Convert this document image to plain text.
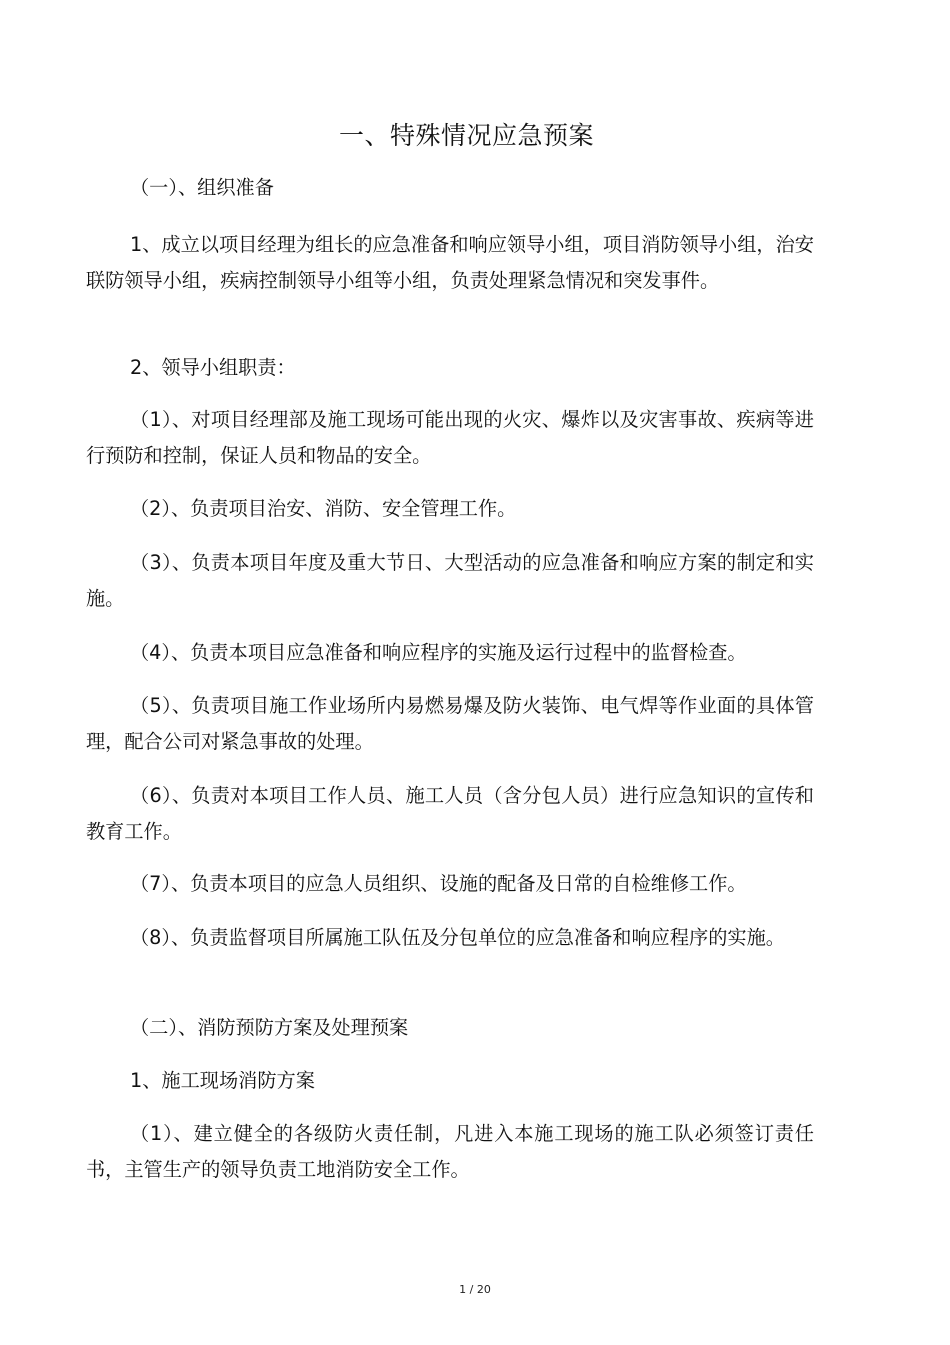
一、特殊情况应急预案

（一）、组织准备

1、成立以项目经理为组长的应急准备和响应领导小组，项目消防领导小组，治安联防领导小组，疾病控制领导小组等小组，负责处理紧急情况和突发事件。

2、领导小组职责：

（1）、对项目经理部及施工现场可能出现的火灾、爆炸以及灾害事故、疾病等进行预防和控制，保证人员和物品的安全。

（2）、负责项目治安、消防、安全管理工作。

（3）、负责本项目年度及重大节日、大型活动的应急准备和响应方案的制定和实施。

（4）、负责本项目应急准备和响应程序的实施及运行过程中的监督检查。

（5）、负责项目施工作业场所内易燃易爆及防火装饰、电气焊等作业面的具体管理，配合公司对紧急事故的处理。

（6）、负责对本项目工作人员、施工人员（含分包人员）进行应急知识的宣传和教育工作。

（7）、负责本项目的应急人员组织、设施的配备及日常的自检维修工作。

（8）、负责监督项目所属施工队伍及分包单位的应急准备和响应程序的实施。

（二）、消防预防方案及处理预案

1、施工现场消防方案

（1）、建立健全的各级防火责任制，凡进入本施工现场的施工队必须签订责任书，主管生产的领导负责工地消防安全工作。

1 / 20
